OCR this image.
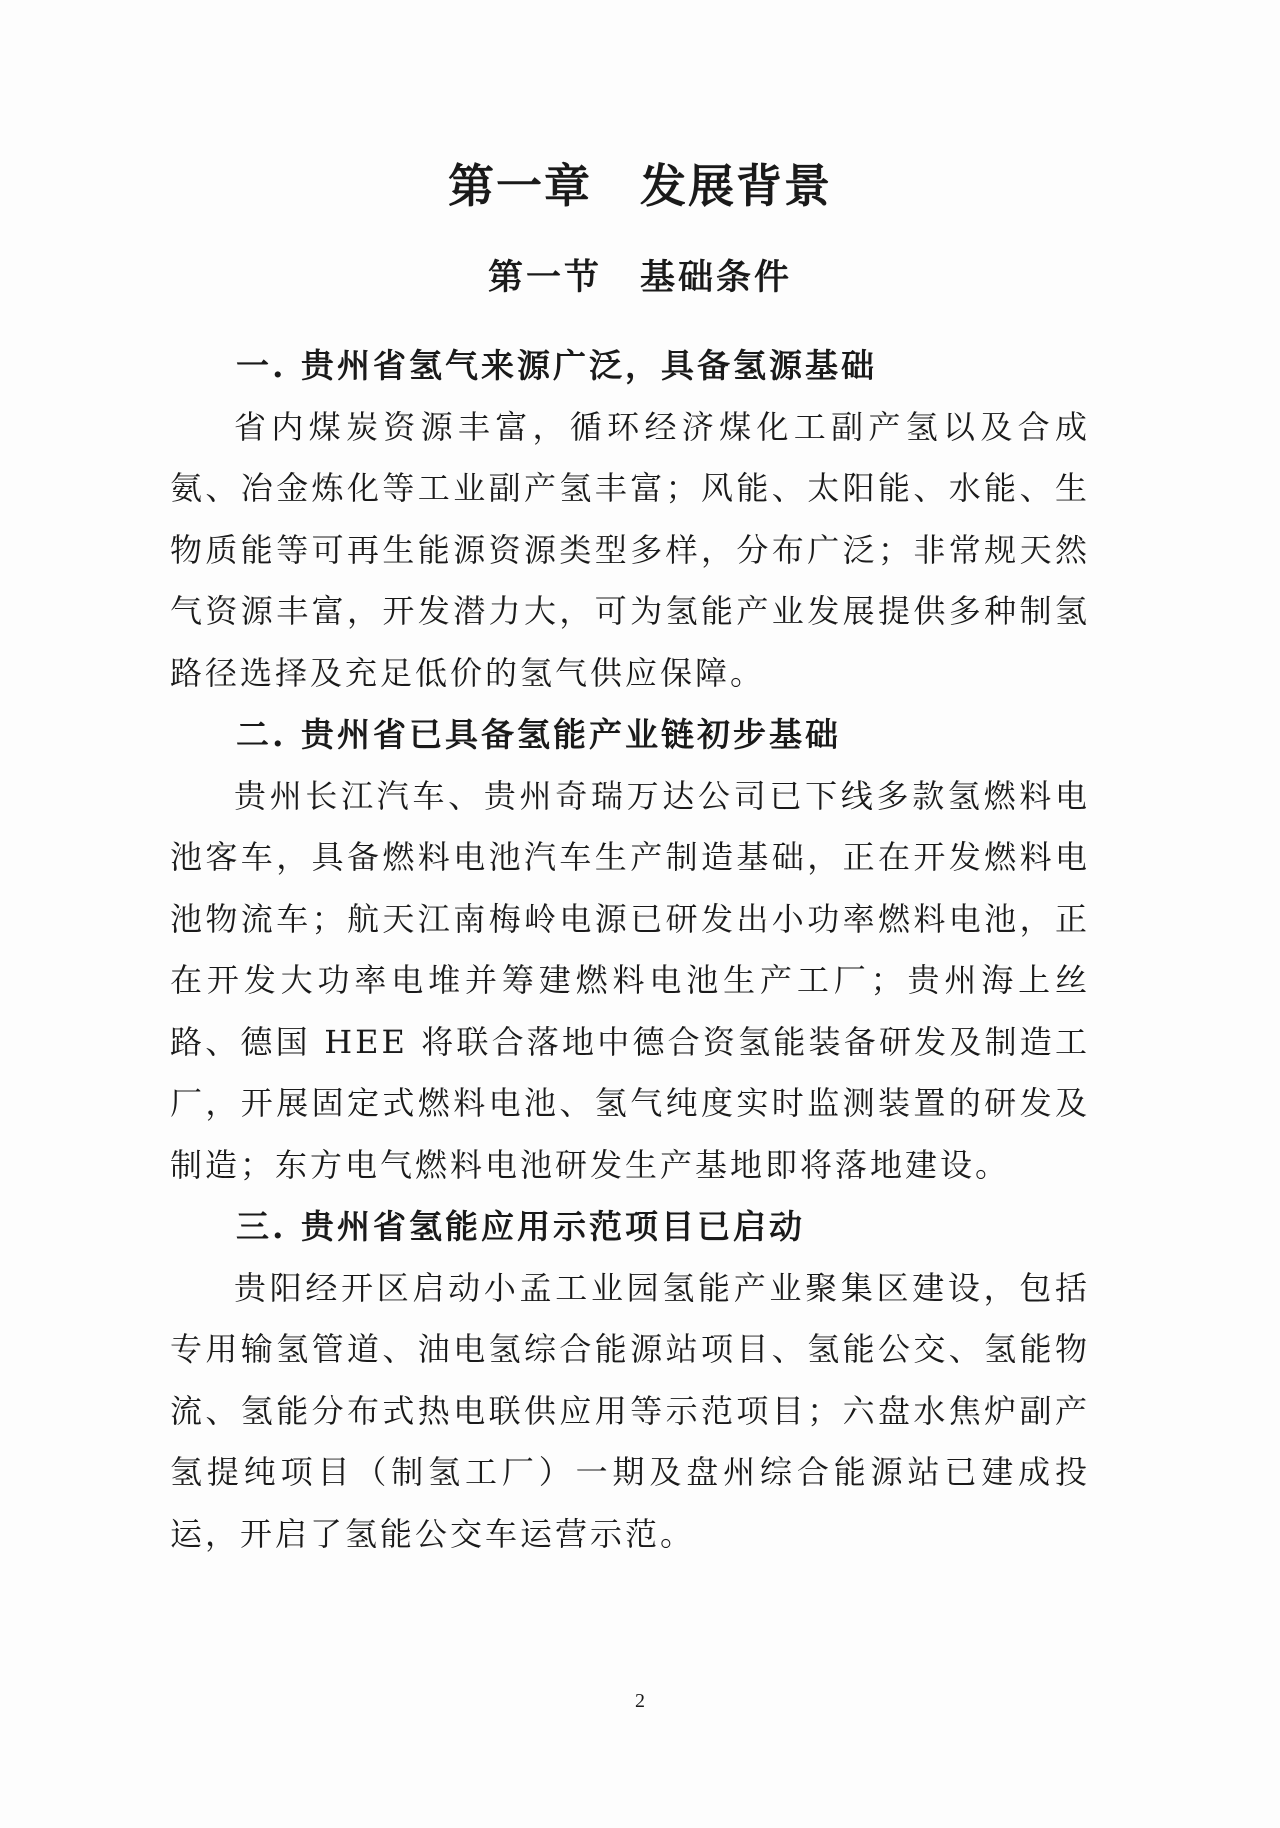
第一章　发展背景
第一节　基础条件

一. 贵州省氢气来源广泛，具备氢源基础

省内煤炭资源丰富，循环经济煤化工副产氢以及合成氨、冶金炼化等工业副产氢丰富；风能、太阳能、水能、生物质能等可再生能源资源类型多样，分布广泛；非常规天然气资源丰富，开发潜力大，可为氢能产业发展提供多种制氢路径选择及充足低价的氢气供应保障。

二. 贵州省已具备氢能产业链初步基础

贵州长江汽车、贵州奇瑞万达公司已下线多款氢燃料电池客车，具备燃料电池汽车生产制造基础，正在开发燃料电池物流车；航天江南梅岭电源已研发出小功率燃料电池，正在开发大功率电堆并筹建燃料电池生产工厂；贵州海上丝路、德国 HEE 将联合落地中德合资氢能装备研发及制造工厂，开展固定式燃料电池、氢气纯度实时监测装置的研发及制造；东方电气燃料电池研发生产基地即将落地建设。

三. 贵州省氢能应用示范项目已启动

贵阳经开区启动小孟工业园氢能产业聚集区建设，包括专用输氢管道、油电氢综合能源站项目、氢能公交、氢能物流、氢能分布式热电联供应用等示范项目；六盘水焦炉副产氢提纯项目（制氢工厂）一期及盘州综合能源站已建成投运，开启了氢能公交车运营示范。

2
